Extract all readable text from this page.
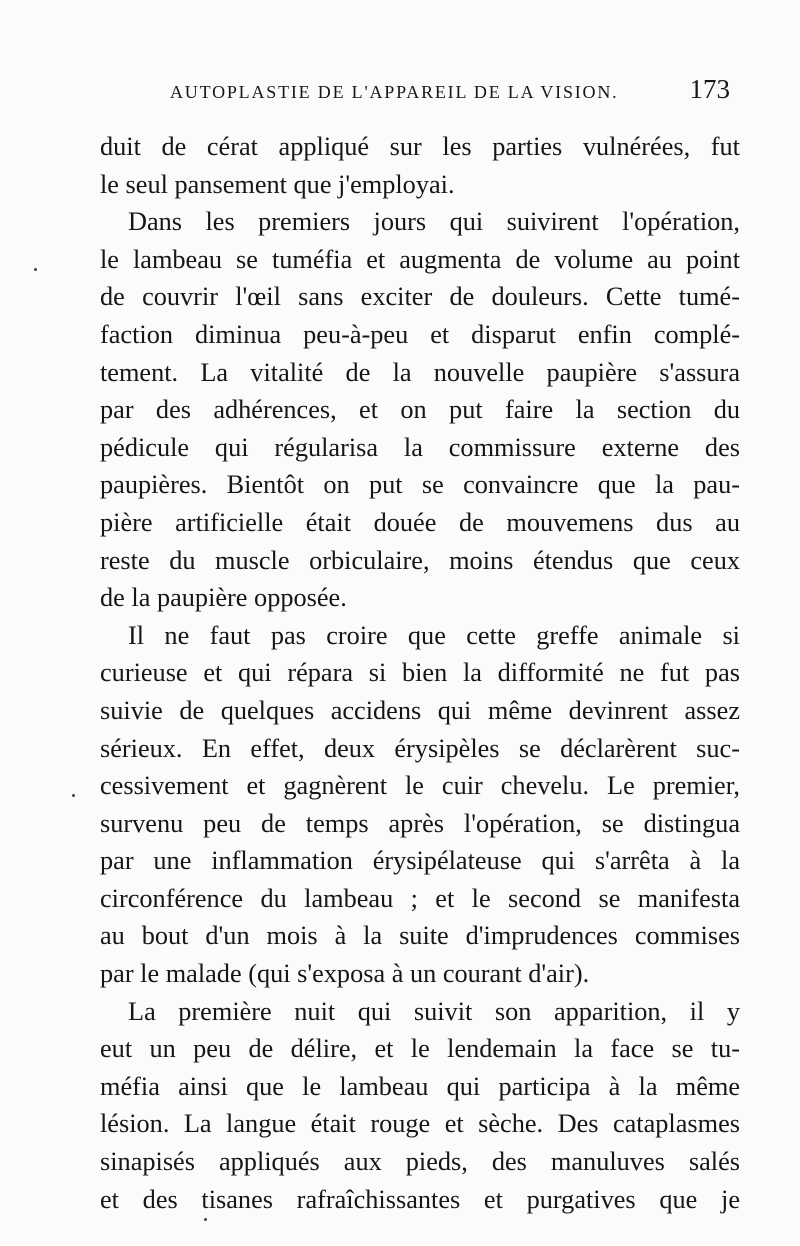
AUTOPLASTIE DE L'APPAREIL DE LA VISION.	173
duit de cérat appliqué sur les parties vulnérées, fut
le seul pansement que j'employai.
Dans les premiers jours qui suivirent l'opération,
le lambeau se tuméfia et augmenta de volume au point
de couvrir l'œil sans exciter de douleurs. Cette tumé-
faction diminua peu-à-peu et disparut enfin complé-
tement. La vitalité de la nouvelle paupière s'assura
par des adhérences, et on put faire la section du
pédicule qui régularisa la commissure externe des
paupières. Bientôt on put se convaincre que la pau-
pière artificielle était douée de mouvemens dus au
reste du muscle orbiculaire, moins étendus que ceux
de la paupière opposée.
Il ne faut pas croire que cette greffe animale si
curieuse et qui répara si bien la difformité ne fut pas
suivie de quelques accidens qui même devinrent assez
sérieux. En effet, deux érysipèles se déclarèrent suc-
cessivement et gagnèrent le cuir chevelu. Le premier,
survenu peu de temps après l'opération, se distingua
par une inflammation érysipélateuse qui s'arrêta à la
circonférence du lambeau ; et le second se manifesta
au bout d'un mois à la suite d'imprudences commises
par le malade (qui s'exposa à un courant d'air).
La première nuit qui suivit son apparition, il y
eut un peu de délire, et le lendemain la face se tu-
méfia ainsi que le lambeau qui participa à la même
lésion. La langue était rouge et sèche. Des cataplasmes
sinapisés appliqués aux pieds, des manuluves salés
et des tisanes rafraîchissantes et purgatives que je
